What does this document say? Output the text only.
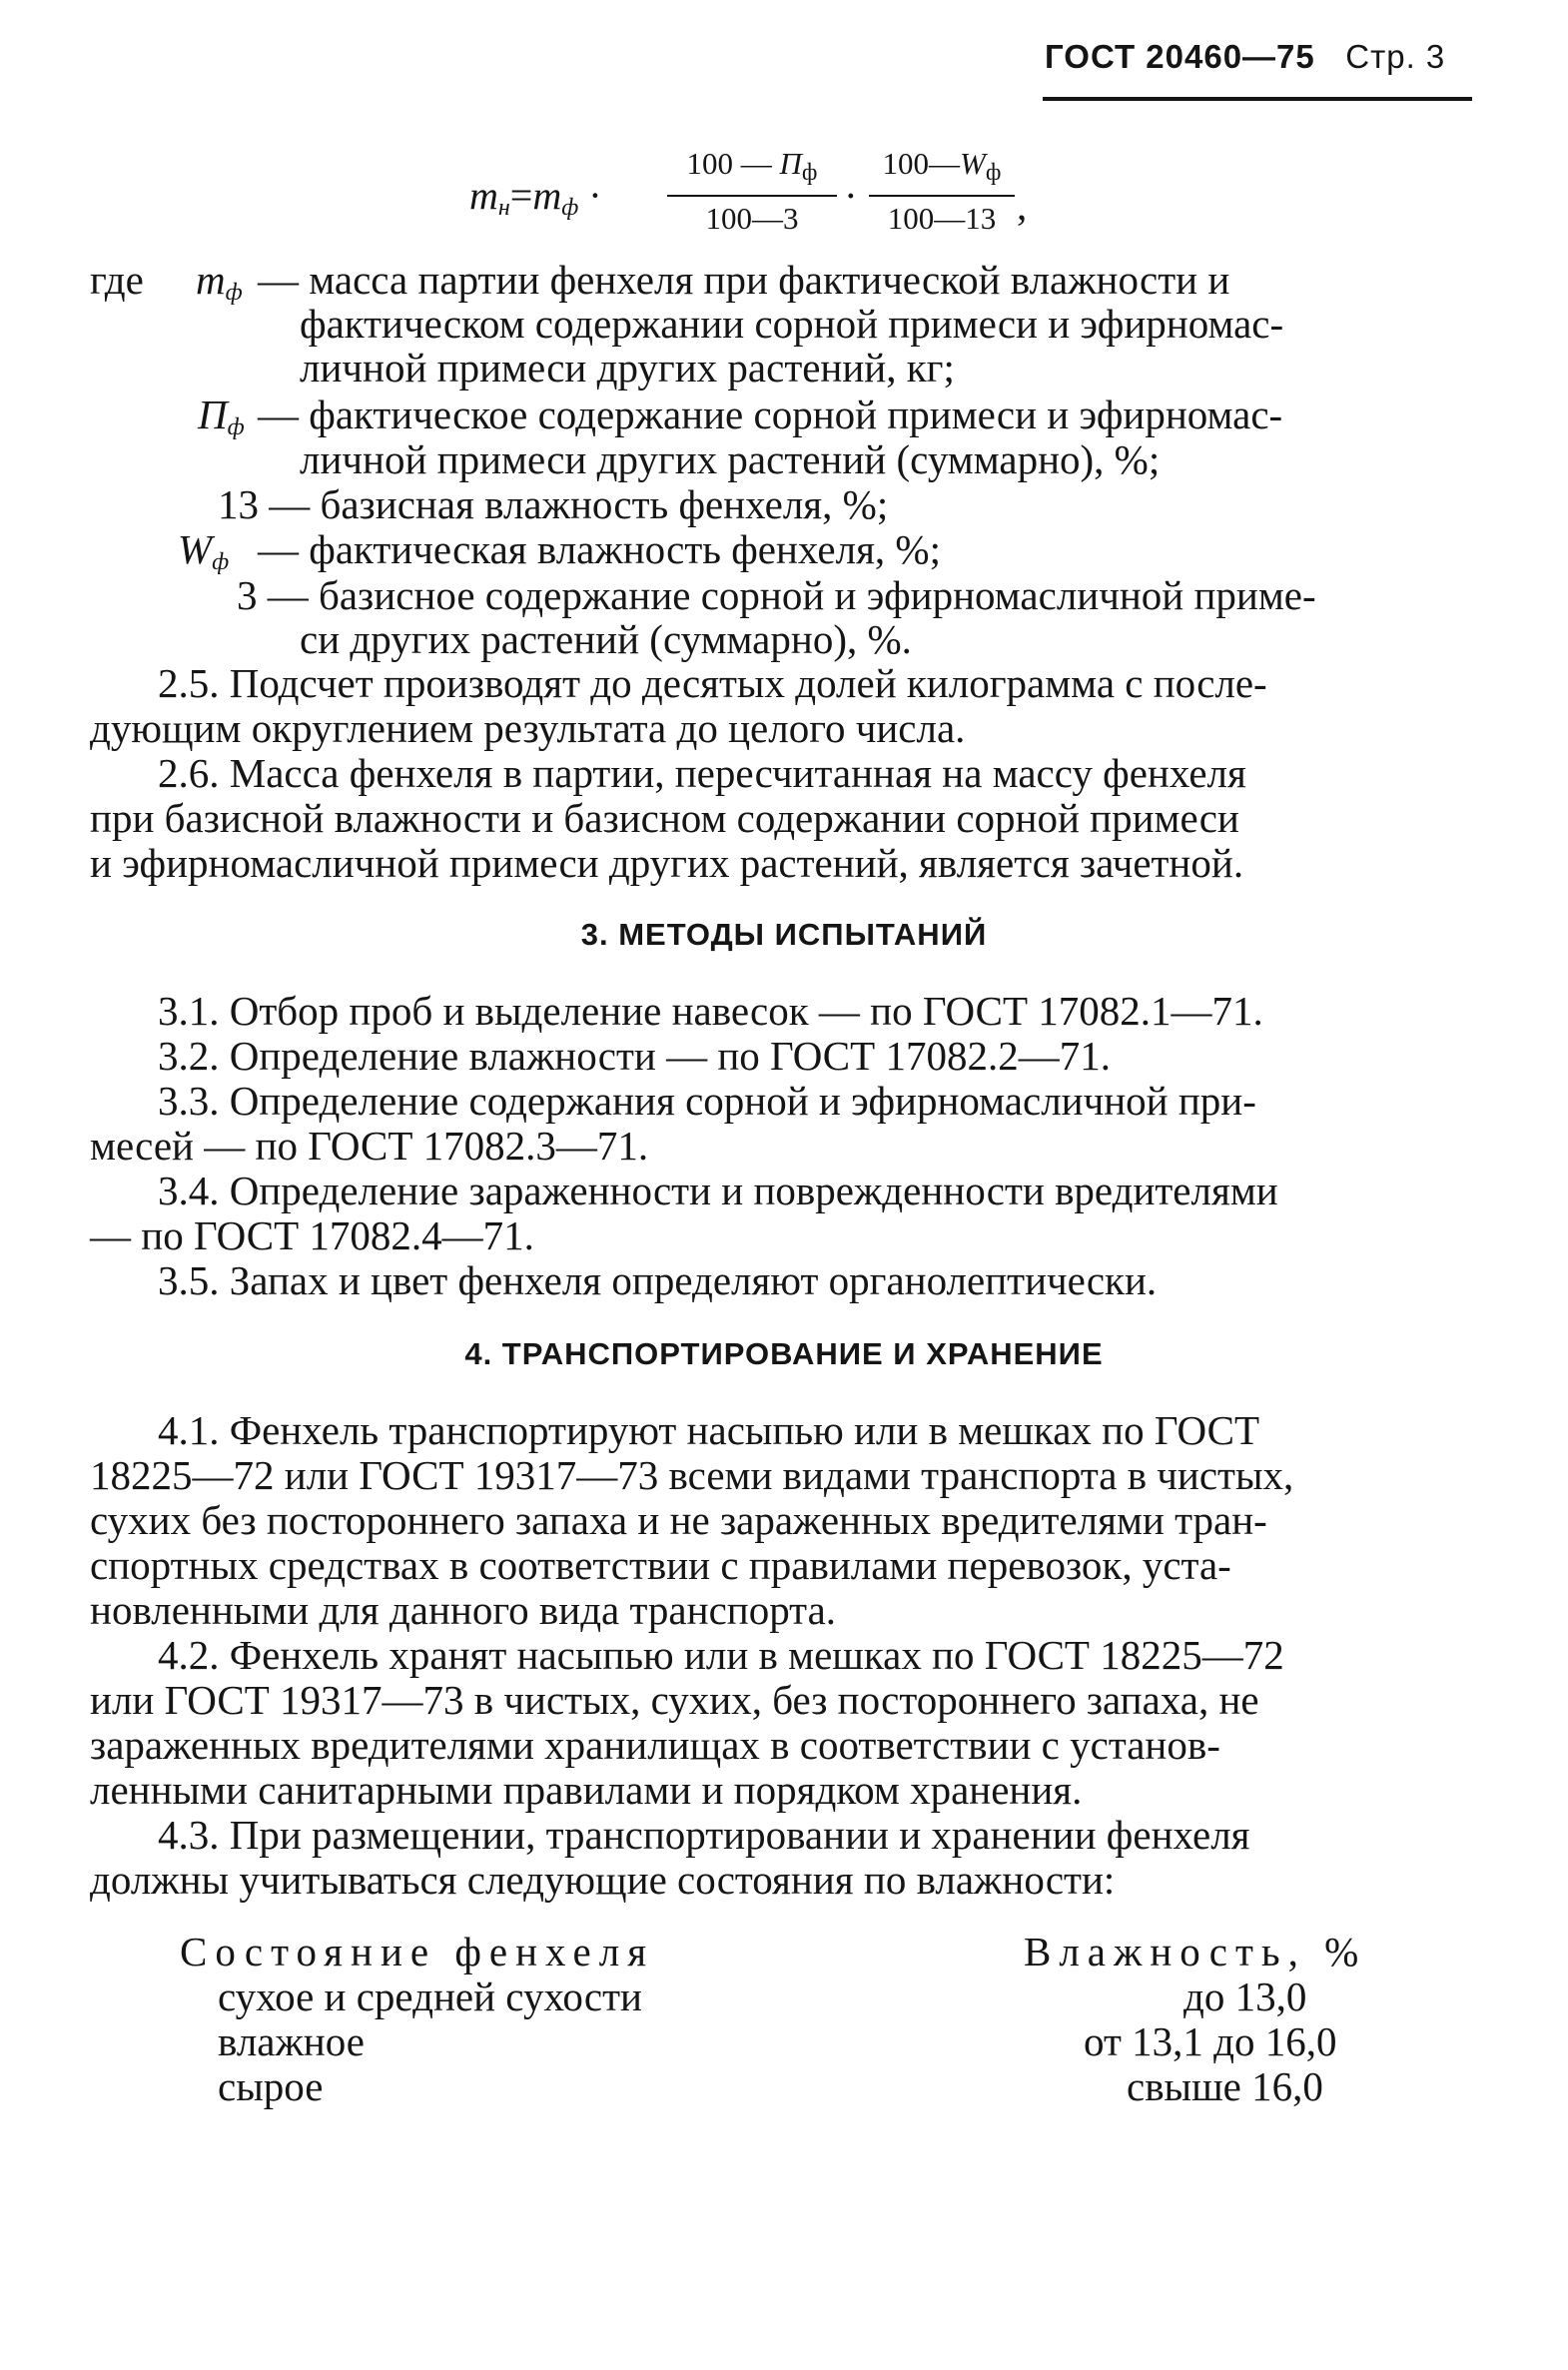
ГОСТ 20460—75 Стр. 3
$m_н=m_ф$ ·
100 — $П_ф$
100—3	·
$100—W_ф$
100—13 ,
где $m_ф$ — масса партии фенхеля при фактической влажности и
фактическом содержании сорной примеси и эфирномас-
личной примеси других растений, кг;
$П_ф$ — фактическое содержание сорной примеси и эфирномас-
личной примеси других растений (суммарно), %;
13 — базисная влажность фенхеля, %;
$W_ф$ — фактическая влажность фенхеля, %;
3 — базисное содержание сорной и эфирномасличной приме-
си других растений (суммарно), %.
2.5. Подсчет производят до десятых долей килограмма с после-
дующим округлением результата до целого числа.
2.6. Масса фенхеля в партии, пересчитанная на массу фенхеля
при базисной влажности и базисном содержании сорной примеси
и эфирномасличной примеси других растений, является зачетной.
3. МЕТОДЫ ИСПЫТАНИЙ
3.1. Отбор проб и выделение навесок — по ГОСТ 17082.1—71.
3.2. Определение влажности — по ГОСТ 17082.2—71.
3.3. Определение содержания сорной и эфирномасличной при-
месей — по ГОСТ 17082.3—71.
3.4. Определение зараженности и поврежденности вредителями
— по ГОСТ 17082.4—71.
3.5. Запах и цвет фенхеля определяют органолептически.
4. ТРАНСПОРТИРОВАНИЕ И ХРАНЕНИЕ
4.1. Фенхель транспортируют насыпью или в мешках по ГОСТ
18225—72 или ГОСТ 19317—73 всеми видами транспорта в чистых,
сухих без постороннего запаха и не зараженных вредителями тран-
спортных средствах в соответствии с правилами перевозок, уста-
новленными для данного вида транспорта.
4.2. Фенхель хранят насыпью или в мешках по ГОСТ 18225—72
или ГОСТ 19317—73 в чистых, сухих, без постороннего запаха, не
зараженных вредителями хранилищах в соответствии с установ-
ленными санитарными правилами и порядком хранения.
4.3. При размещении, транспортировании и хранении фенхеля
должны учитываться следующие состояния по влажности:
Состояние фенхеля	Влажность, %
сухое и средней сухости	до 13,0
влажное	от 13,1 до 16,0
сырое	свыше 16,0
